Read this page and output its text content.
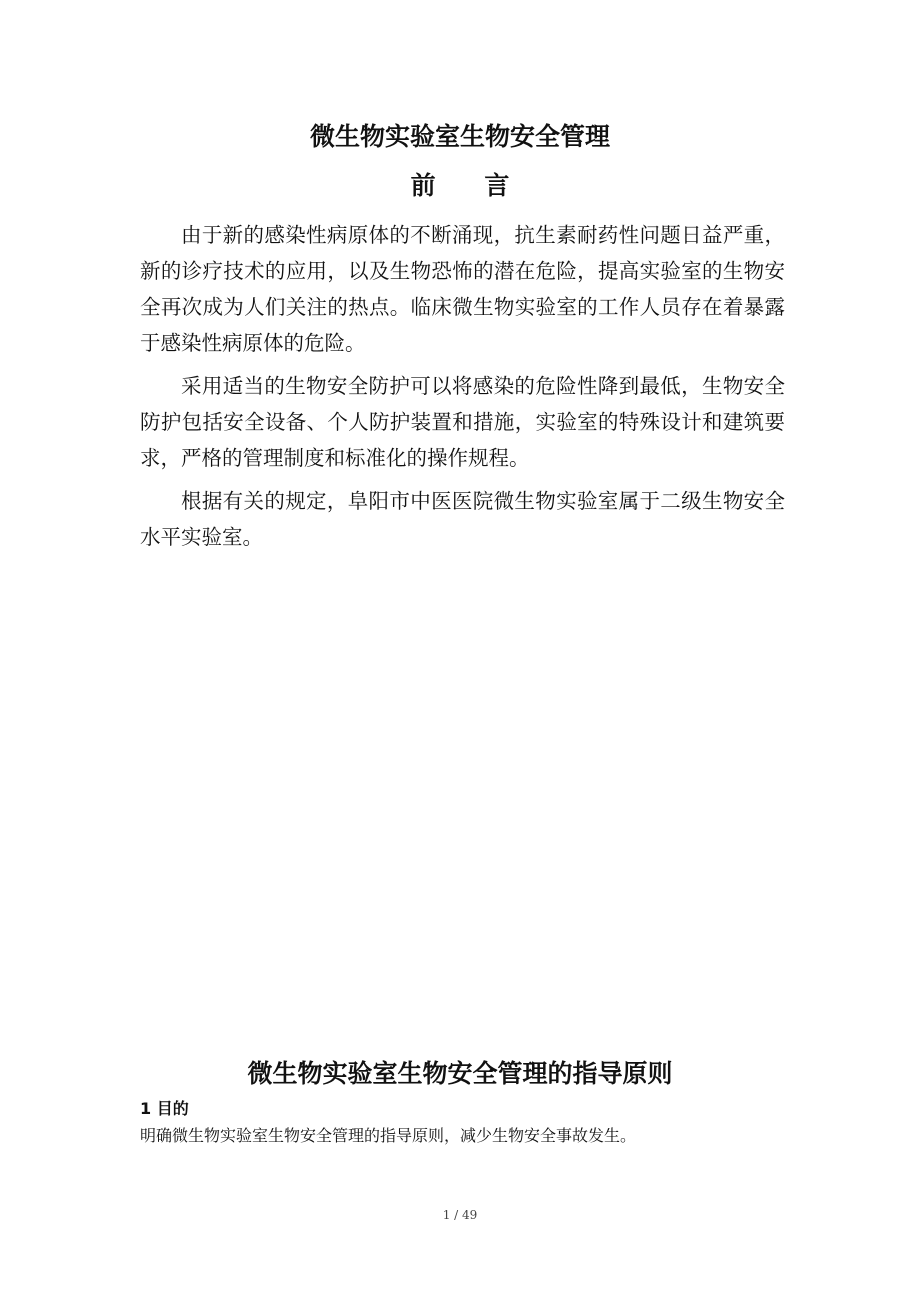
微生物实验室生物安全管理
前 言

由于新的感染性病原体的不断涌现，抗生素耐药性问题日益严重，新的诊疗技术的应用，以及生物恐怖的潜在危险，提高实验室的生物安全再次成为人们关注的热点。临床微生物实验室的工作人员存在着暴露于感染性病原体的危险。

采用适当的生物安全防护可以将感染的危险性降到最低，生物安全防护包括安全设备、个人防护装置和措施，实验室的特殊设计和建筑要求，严格的管理制度和标准化的操作规程。

根据有关的规定，阜阳市中医医院微生物实验室属于二级生物安全水平实验室。

微生物实验室生物安全管理的指导原则
1 目的
明确微生物实验室生物安全管理的指导原则，减少生物安全事故发生。
1 / 49
